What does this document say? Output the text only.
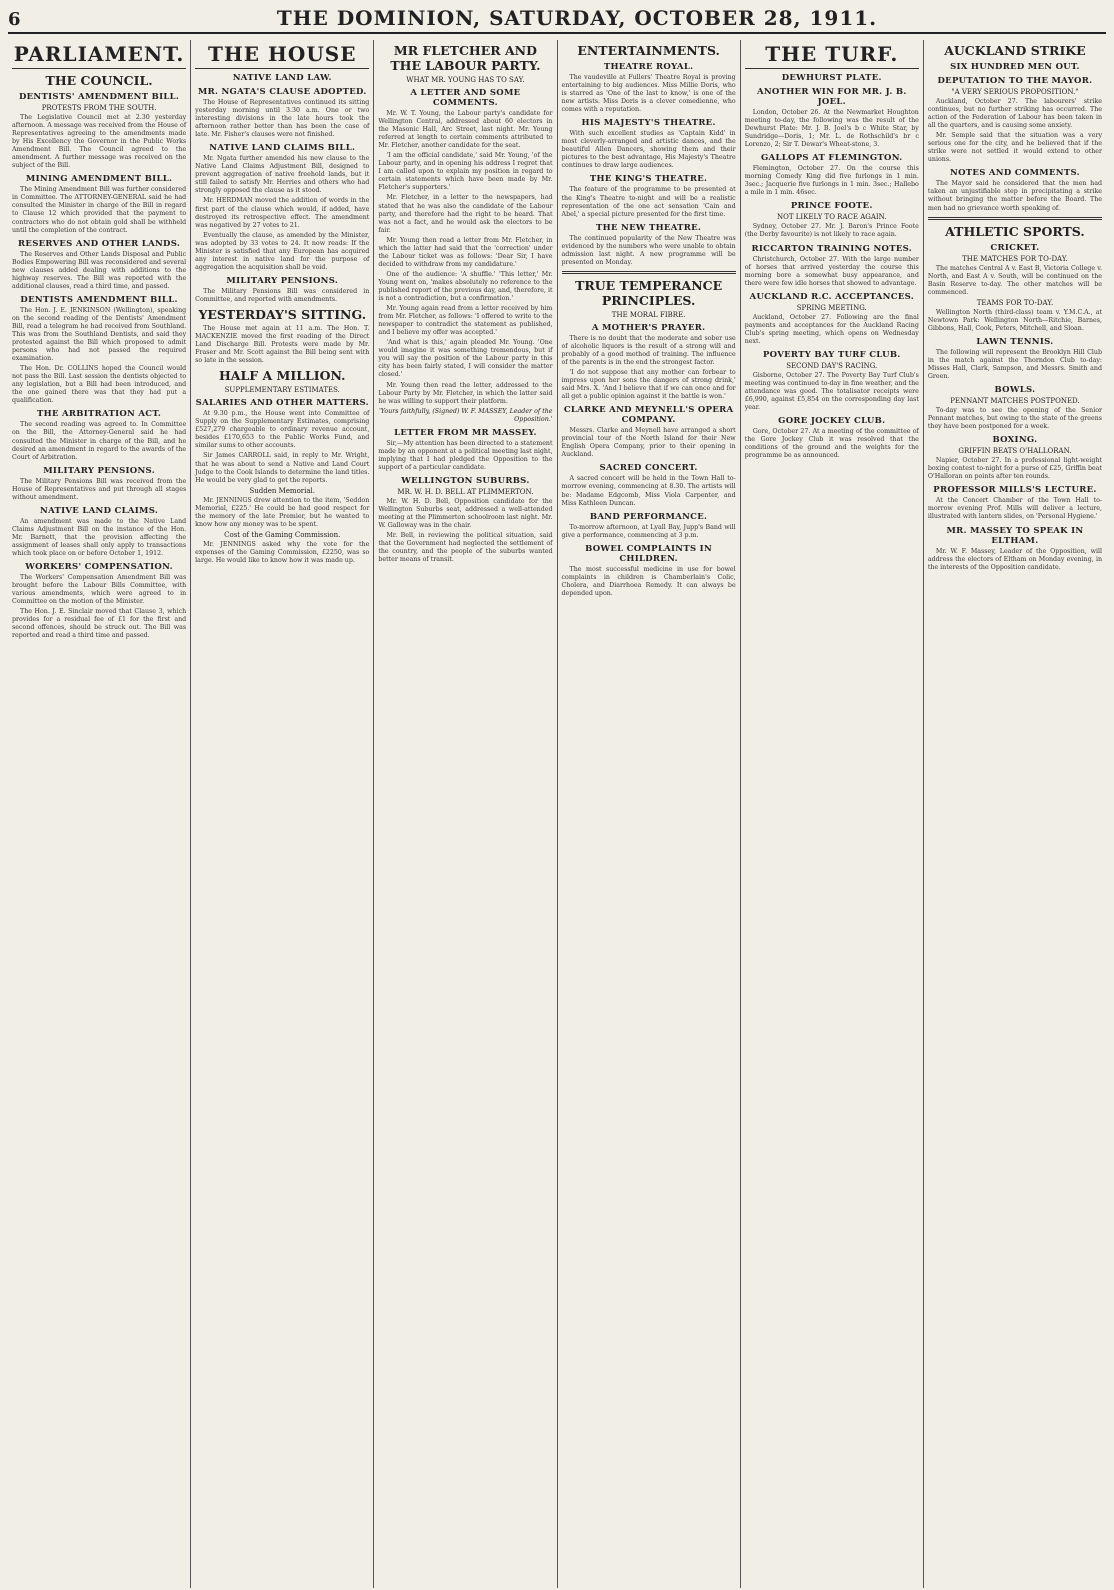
6	THE DOMINION, SATURDAY, OCTOBER 28, 1911.
PARLIAMENT.
THE COUNCIL.
DENTISTS' AMENDMENT BILL.
PROTESTS FROM THE SOUTH.

The Legislative Council met at 2.30 yesterday afternoon. A message was received from the House of Representatives agreeing to the amendments made by His Excellency the Governor in the Public Works Amendment Bill. The Council agreed to the amendment. A further message was received on the subject of the Bill.

MINING AMENDMENT BILL.

The Mining Amendment Bill was further considered in Committee. The ATTORNEY-GENERAL said he had consulted the Minister in charge of the Bill in regard to Clause 12 which provided that the payment to contractors who do not obtain gold shall be withheld until the completion of the contract.

RESERVES AND OTHER LANDS.

The Reserves and Other Lands Disposal and Public Bodies Empowering Bill was reconsidered and several new clauses added dealing with additions to the highway reserves. The Bill was reported with the additional clauses, read a third time, and passed.

DENTISTS AMENDMENT BILL.

The Hon. J. E. JENKINSON (Wellington), speaking on the second reading of the Dentists' Amendment Bill, read a telegram he had received from Southland. This was from the Southland Dentists, and said they protested against the Bill which proposed to admit persons who had not passed the required examination.

The Hon. Dr. COLLINS hoped the Council would not pass the Bill. Last session the dentists objected to any legislation, but a Bill had been introduced, and the one gained there was that they had put a qualification.

THE ARBITRATION ACT.

The second reading was agreed to. In Committee on the Bill, the Attorney-General said he had consulted the Minister in charge of the Bill, and he desired an amendment in regard to the awards of the Court of Arbitration.

MILITARY PENSIONS.

The Military Pensions Bill was received from the House of Representatives and put through all stages without amendment.

NATIVE LAND CLAIMS.

An amendment was made to the Native Land Claims Adjustment Bill on the instance of the Hon. Mr. Barnett, that the provision affecting the assignment of leases shall only apply to transactions which took place on or before October 1, 1912.

WORKERS' COMPENSATION.

The Workers' Compensation Amendment Bill was brought before the Labour Bills Committee, with various amendments, which were agreed to in Committee on the motion of the Minister.

The Hon. J. E. Sinclair moved that Clause 3, which provides for a residual fee of £1 for the first and second offences, should be struck out. The Bill was reported and read a third time and passed.

THE HOUSE
NATIVE LAND LAW.
MR. NGATA'S CLAUSE ADOPTED.

The House of Representatives continued its sitting yesterday morning until 3.30 a.m. One or two interesting divisions in the late hours took the afternoon rather better than has been the case of late. Mr. Fisher's clauses were not finished.

NATIVE LAND CLAIMS BILL.

Mr. Ngata further amended his new clause to the Native Land Claims Adjustment Bill, designed to prevent aggregation of native freehold lands, but it still failed to satisfy Mr. Herries and others who had strongly opposed the clause as it stood.

Mr. HERDMAN moved the addition of words in the first part of the clause which would, if added, have destroyed its retrospective effect. The amendment was negatived by 27 votes to 21.

Eventually the clause, as amended by the Minister, was adopted by 33 votes to 24. It now reads: If the Minister is satisfied that any European has acquired any interest in native land for the purpose of aggregation the acquisition shall be void.

MILITARY PENSIONS.

The Military Pensions Bill was considered in Committee, and reported with amendments.

YESTERDAY'S SITTING.

The House met again at 11 a.m. The Hon. T. MACKENZIE moved the first reading of the Direct Land Discharge Bill. Protests were made by Mr. Fraser and Mr. Scott against the Bill being sent with so late in the session.

HALF A MILLION.
SUPPLEMENTARY ESTIMATES.
SALARIES AND OTHER MATTERS.

At 9.30 p.m., the House went into Committee of Supply on the Supplementary Estimates, comprising £527,279 chargeable to ordinary revenue account, besides £170,653 to the Public Works Fund, and similar sums to other accounts.

Sir James CARROLL said, in reply to Mr. Wright, that he was about to send a Native and Land Court Judge to the Cook Islands to determine the land titles. He would be very glad to get the reports.

Sudden Memorial.

Mr. JENNINGS drew attention to the item, 'Seddon Memorial, £225.' He could be had good respect for the memory of the late Premier, but he wanted to know how any money was to be spent.

Cost of the Gaming Commission.

Mr. JENNINGS asked why the vote for the expenses of the Gaming Commission, £2250, was so large. He would like to know how it was made up.

MR FLETCHER AND THE LABOUR PARTY.
WHAT MR. YOUNG HAS TO SAY.
A LETTER AND SOME COMMENTS.

Mr. W. T. Young, the Labour party's candidate for Wellington Central, addressed about 60 electors in the Masonic Hall, Arc Street, last night. Mr. Young referred at length to certain comments attributed to Mr. Fletcher, another candidate for the seat.

'I am the official candidate,' said Mr. Young, 'of the Labour party, and in opening his address I regret that I am called upon to explain my position in regard to certain statements which have been made by Mr. Fletcher's supporters.'

Mr. Fletcher, in a letter to the newspapers, had stated that he was also the candidate of the Labour party, and therefore had the right to be heard. That was not a fact, and he would ask the electors to be fair.

Mr. Young then read a letter from Mr. Fletcher, in which the latter had said that the 'correction' under the Labour ticket was as follows: 'Dear Sir, I have decided to withdraw from my candidature.'

One of the audience: 'A shuffle.' 'This letter,' Mr. Young went on, 'makes absolutely no reference to the published report of the previous day, and, therefore, it is not a contradiction, but a confirmation.'

Mr. Young again read from a letter received by him from Mr. Fletcher, as follows: 'I offered to write to the newspaper to contradict the statement as published, and I believe my offer was accepted.'

'And what is this,' again pleaded Mr. Young. 'One would imagine it was something tremendous, but if you will say the position of the Labour party in this city has been fairly stated, I will consider the matter closed.'

Mr. Young then read the letter, addressed to the Labour Party by Mr. Fletcher, in which the latter said he was willing to support their platform.

'Yours faithfully, (Signed) W. F. MASSEY, Leader of the Opposition.'
LETTER FROM MR MASSEY.

Sir,—My attention has been directed to a statement made by an opponent at a political meeting last night, implying that I had pledged the Opposition to the support of a particular candidate.

WELLINGTON SUBURBS.
MR. W. H. D. BELL AT PLIMMERTON.

Mr. W. H. D. Bell, Opposition candidate for the Wellington Suburbs seat, addressed a well-attended meeting at the Plimmerton schoolroom last night. Mr. W. Galloway was in the chair.

Mr. Bell, in reviewing the political situation, said that the Government had neglected the settlement of the country, and the people of the suburbs wanted better means of transit.

ENTERTAINMENTS.
THEATRE ROYAL.

The vaudeville at Fullers' Theatre Royal is proving entertaining to big audiences. Miss Millie Doris, who is starred as 'One of the last to know,' is one of the new artists. Miss Doris is a clever comedienne, who comes with a reputation.

HIS MAJESTY'S THEATRE.

With such excellent studies as 'Captain Kidd' in most cleverly-arranged and artistic dances, and the beautiful Allen Dancers, showing them and their pictures to the best advantage, His Majesty's Theatre continues to draw large audiences.

THE KING'S THEATRE.

The feature of the programme to be presented at the King's Theatre to-night and will be a realistic representation of the one act sensation 'Cain and Abel,' a special picture presented for the first time.

THE NEW THEATRE.

The continued popularity of the New Theatre was evidenced by the numbers who were unable to obtain admission last night. A new programme will be presented on Monday.

TRUE TEMPERANCE PRINCIPLES.
THE MORAL FIBRE.
A MOTHER'S PRAYER.

There is no doubt that the moderate and sober use of alcoholic liquors is the result of a strong will and probably of a good method of training. The influence of the parents is in the end the strongest factor.

'I do not suppose that any mother can forbear to impress upon her sons the dangers of strong drink,' said Mrs. X. 'And I believe that if we can once and for all get a public opinion against it the battle is won.'

CLARKE AND MEYNELL'S OPERA COMPANY.

Messrs. Clarke and Meynell have arranged a short provincial tour of the North Island for their New English Opera Company, prior to their opening in Auckland.

SACRED CONCERT.

A sacred concert will be held in the Town Hall to-morrow evening, commencing at 8.30. The artists will be: Madame Edgcomb, Miss Viola Carpenter, and Miss Kathleen Duncan.

BAND PERFORMANCE.

To-morrow afternoon, at Lyall Bay, Jupp's Band will give a performance, commencing at 3 p.m.

BOWEL COMPLAINTS IN CHILDREN.

The most successful medicine in use for bowel complaints in children is Chamberlain's Colic, Cholera, and Diarrhoea Remedy. It can always be depended upon.

THE TURF.
DEWHURST PLATE.
ANOTHER WIN FOR MR. J. B. JOEL.

London, October 26. At the Newmarket Houghton meeting to-day, the following was the result of the Dewhurst Plate: Mr. J. B. Joel's b c White Star, by Sundridge—Doris, 1; Mr. L. de Rothschild's br c Lorenzo, 2; Sir T. Dewar's Wheat-stone, 3.

GALLOPS AT FLEMINGTON.

Flemington, October 27. On the course this morning Comedy King did five furlongs in 1 min. 3sec.; Jacquerie five furlongs in 1 min. 3sec.; Hallebo a mile in 1 min. 46sec.

PRINCE FOOTE.
NOT LIKELY TO RACE AGAIN.

Sydney, October 27. Mr. J. Baron's Prince Foote (the Derby favourite) is not likely to race again.

RICCARTON TRAINING NOTES.

Christchurch, October 27. With the large number of horses that arrived yesterday the course this morning bore a somewhat busy appearance, and there were few idle horses that showed to advantage.

AUCKLAND R.C. ACCEPTANCES.
SPRING MEETING.

Auckland, October 27. Following are the final payments and acceptances for the Auckland Racing Club's spring meeting, which opens on Wednesday next.

POVERTY BAY TURF CLUB.
SECOND DAY'S RACING.

Gisborne, October 27. The Poverty Bay Turf Club's meeting was continued to-day in fine weather, and the attendance was good. The totalisator receipts were £6,990, against £5,854 on the corresponding day last year.

GORE JOCKEY CLUB.

Gore, October 27. At a meeting of the committee of the Gore Jockey Club it was resolved that the conditions of the ground and the weights for the programme be as announced.

AUCKLAND STRIKE
SIX HUNDRED MEN OUT.
DEPUTATION TO THE MAYOR.
"A VERY SERIOUS PROPOSITION."

Auckland, October 27. The labourers' strike continues, but no further striking has occurred. The action of the Federation of Labour has been taken in all the quarters, and is causing some anxiety.

Mr. Semple said that the situation was a very serious one for the city, and he believed that if the strike were not settled it would extend to other unions.

NOTES AND COMMENTS.

The Mayor said he considered that the men had taken an unjustifiable step in precipitating a strike without bringing the matter before the Board. The men had no grievance worth speaking of.

ATHLETIC SPORTS.
CRICKET.
THE MATCHES FOR TO-DAY.

The matches Central A v. East B, Victoria College v. North, and East A v. South, will be continued on the Basin Reserve to-day. The other matches will be commenced.

TEAMS FOR TO-DAY.

Wellington North (third-class) team v. Y.M.C.A., at Newtown Park: Wellington North—Ritchie, Barnes, Gibbons, Hall, Cook, Peters, Mitchell, and Sloan.

LAWN TENNIS.

The following will represent the Brooklyn Hill Club in the match against the Thorndon Club to-day: Misses Hall, Clark, Sampson, and Messrs. Smith and Green.

BOWLS.
PENNANT MATCHES POSTPONED.

To-day was to see the opening of the Senior Pennant matches, but owing to the state of the greens they have been postponed for a week.

BOXING.
GRIFFIN BEATS O'HALLORAN.

Napier, October 27. In a professional light-weight boxing contest to-night for a purse of £25, Griffin beat O'Halloran on points after ten rounds.

PROFESSOR MILLS'S LECTURE.

At the Concert Chamber of the Town Hall to-morrow evening Prof. Mills will deliver a lecture, illustrated with lantern slides, on 'Personal Hygiene.'

MR. MASSEY TO SPEAK IN ELTHAM.

Mr. W. F. Massey, Leader of the Opposition, will address the electors of Eltham on Monday evening, in the interests of the Opposition candidate.
